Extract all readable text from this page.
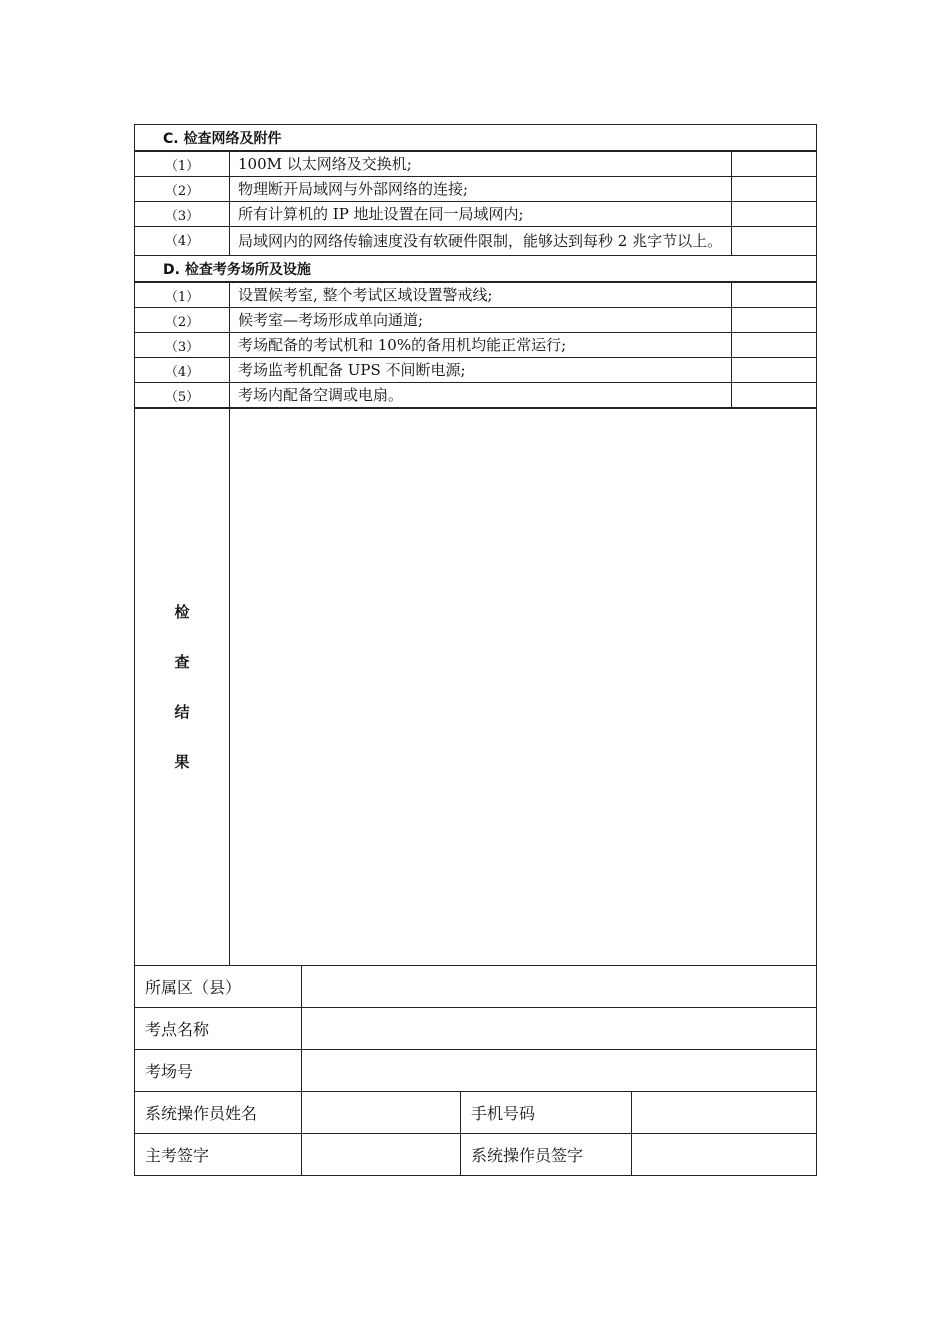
C. 检查网络及附件		
（1）	100M 以太网络及交换机;	
（2）	物理断开局域网与外部网络的连接;	
（3）	所有计算机的 IP 地址设置在同一局域网内;	
（4）	局域网内的网络传输速度没有软硬件限制，能够达到每秒 2 兆字节以上。	
D. 检查考务场所及设施		
（1）	设置候考室, 整个考试区域设置警戒线;	
（2）	候考室—考场形成单向通道;	
（3）	考场配备的考试机和 10%的备用机均能正常运行;	
（4）	考场监考机配备 UPS 不间断电源;	
（5）	考场内配备空调或电扇。	

检
查
结
果		

所属区（县）			
考点名称			
考场号			
系统操作员姓名		手机号码	
主考签字		系统操作员签字	
